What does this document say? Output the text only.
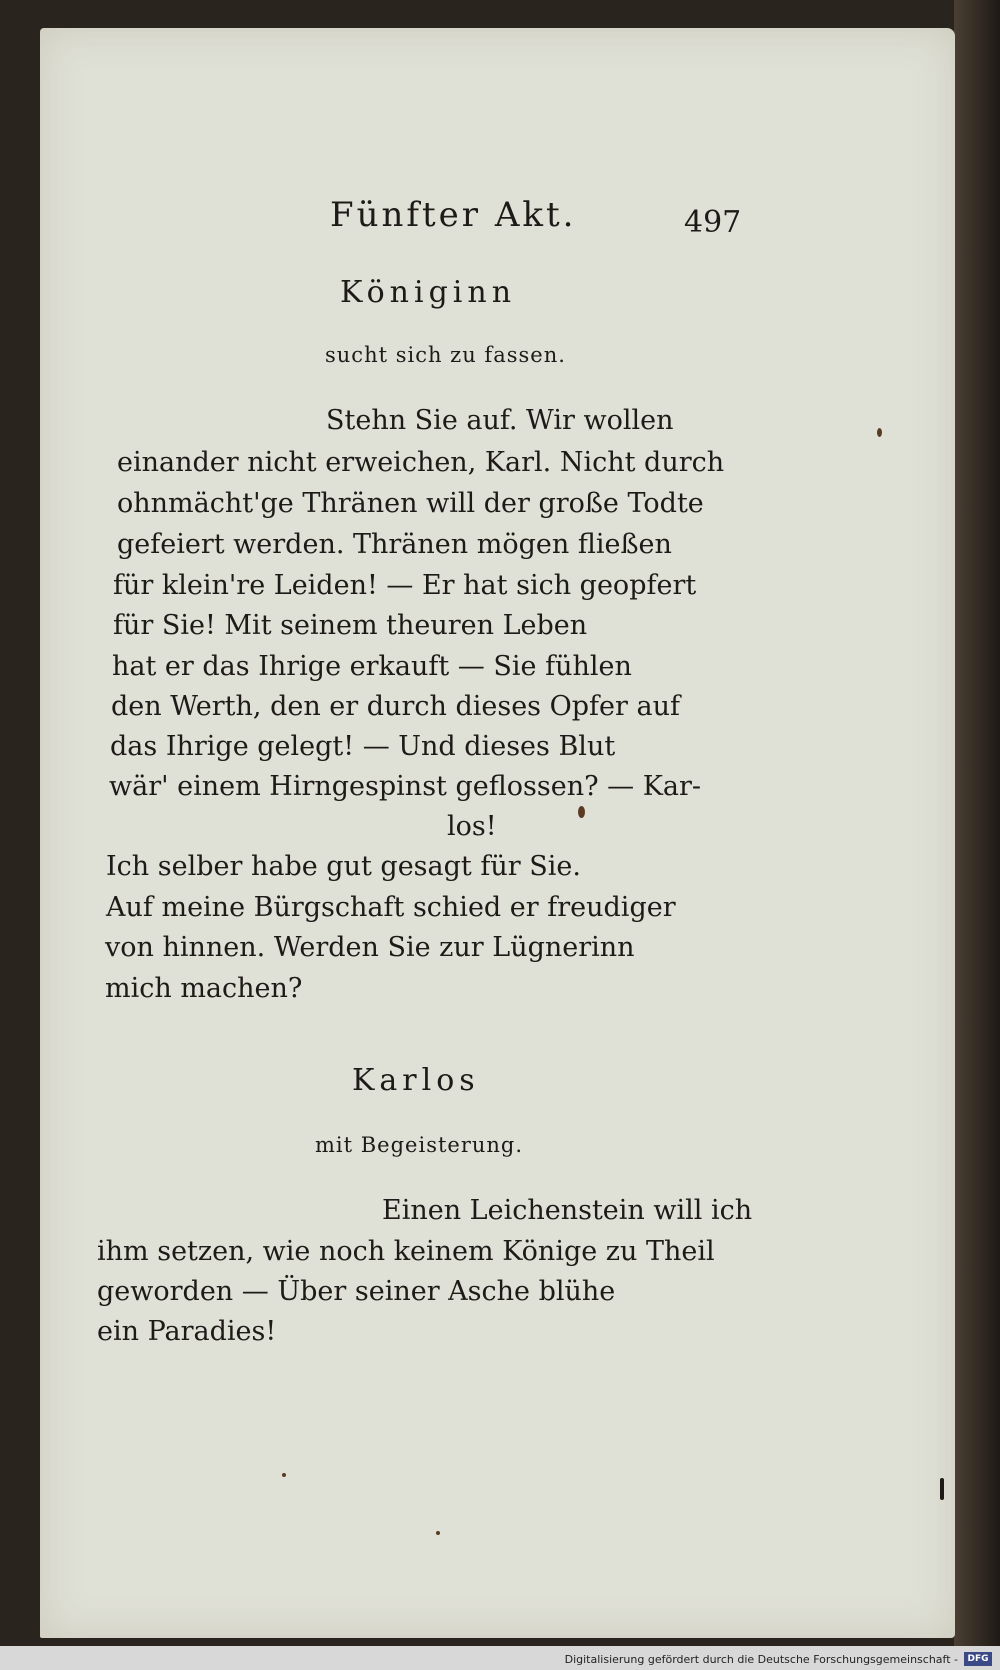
Fünfter Akt.	497
Königinn
sucht sich zu fassen.
Stehn Sie auf. Wir wollen
einander nicht erweichen, Karl. Nicht durch
ohnmächt'ge Thränen will der große Todte
gefeiert werden. Thränen mögen fließen
für klein're Leiden! — Er hat sich geopfert
für Sie! Mit seinem theuren Leben
hat er das Ihrige erkauft — Sie fühlen
den Werth, den er durch dieses Opfer auf
das Ihrige gelegt! — Und dieses Blut
wär' einem Hirngespinst geflossen? — Kar-
los!
Ich selber habe gut gesagt für Sie.
Auf meine Bürgschaft schied er freudiger
von hinnen. Werden Sie zur Lügnerinn
mich machen?
Karlos
mit Begeisterung.
Einen Leichenstein will ich
ihm setzen, wie noch keinem Könige zu Theil
geworden — Über seiner Asche blühe
ein Paradies!
Digitalisierung gefördert durch die Deutsche Forschungsgemeinschaft -	DFG
